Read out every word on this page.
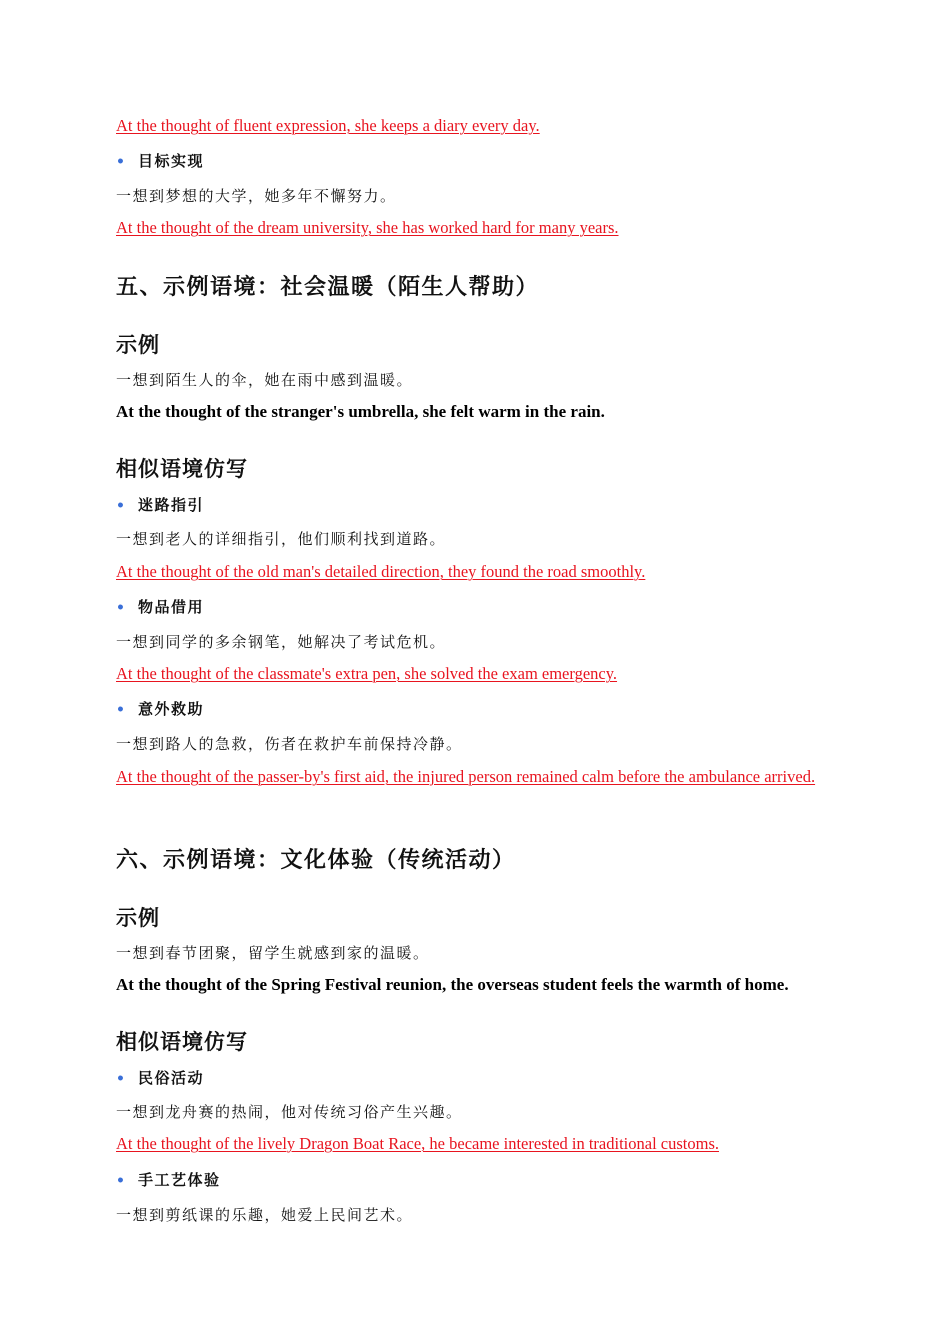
At the thought of fluent expression, she keeps a diary every day.
• 目标实现
一想到梦想的大学，她多年不懈努力。
At the thought of the dream university, she has worked hard for many years.
五、示例语境：社会温暖（陌生人帮助）
示例
一想到陌生人的伞，她在雨中感到温暖。
At the thought of the stranger's umbrella, she felt warm in the rain.
相似语境仿写
• 迷路指引
一想到老人的详细指引，他们顺利找到道路。
At the thought of the old man's detailed direction, they found the road smoothly.
• 物品借用
一想到同学的多余钢笔，她解决了考试危机。
At the thought of the classmate's extra pen, she solved the exam emergency.
• 意外救助
一想到路人的急救，伤者在救护车前保持冷静。
At the thought of the passer-by's first aid, the injured person remained calm before the ambulance arrived.
六、示例语境：文化体验（传统活动）
示例
一想到春节团聚，留学生就感到家的温暖。
At the thought of the Spring Festival reunion, the overseas student feels the warmth of home.
相似语境仿写
• 民俗活动
一想到龙舟赛的热闹，他对传统习俗产生兴趣。
At the thought of the lively Dragon Boat Race, he became interested in traditional customs.
• 手工艺体验
一想到剪纸课的乐趣，她爱上民间艺术。
